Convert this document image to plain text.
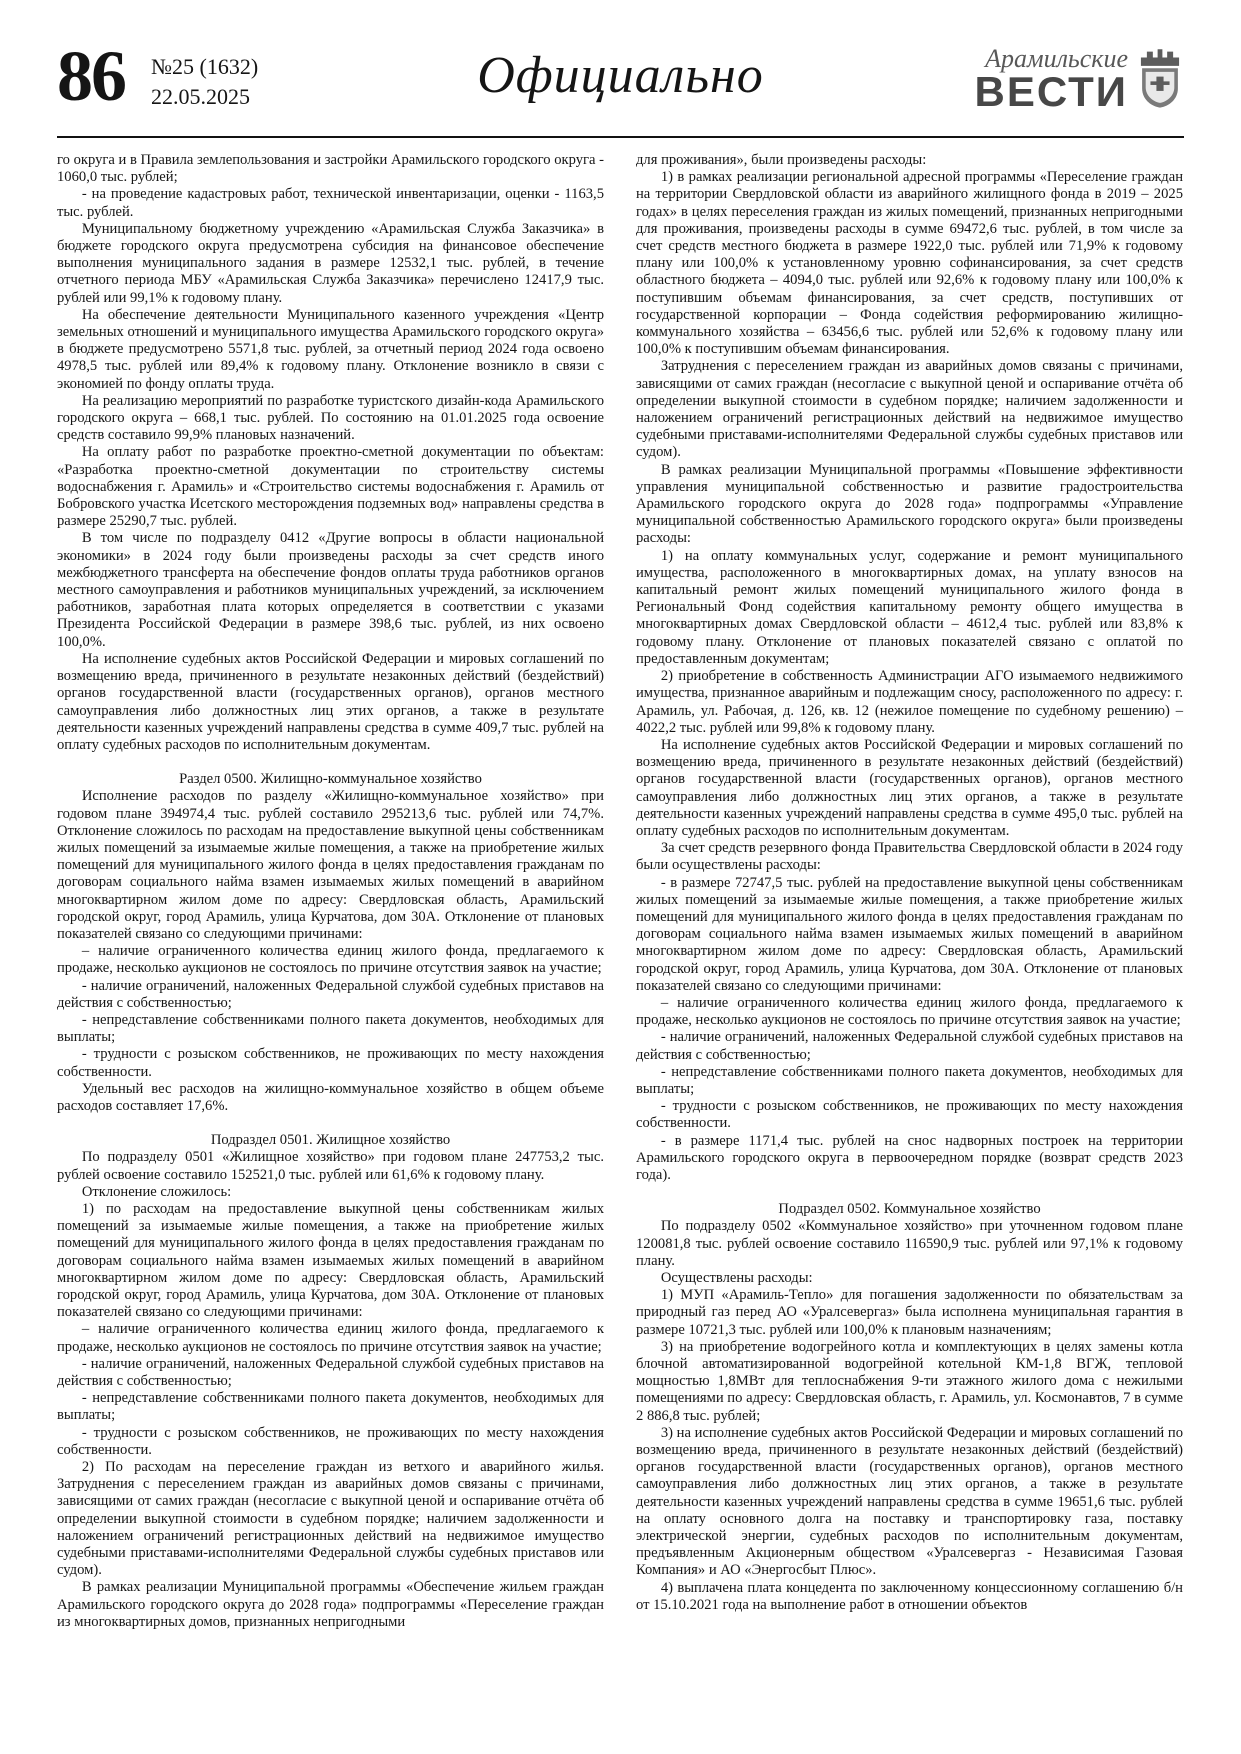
86 №25 (1632)
22.05.2025	Официально	Арамильские
ВЕСТИ

го округа и в Правила землепользования и застройки Арамильского городского округа - 1060,0 тыс. рублей;

- на проведение кадастровых работ, технической инвентаризации, оценки - 1163,5 тыс. рублей.

Муниципальному бюджетному учреждению «Арамильская Служба Заказчика» в бюджете городского округа предусмотрена субсидия на финансовое обеспечение выполнения муниципального задания в размере 12532,1 тыс. рублей, в течение отчетного периода МБУ «Арамильская Служба Заказчика» перечислено 12417,9 тыс. рублей или 99,1% к годовому плану.

На обеспечение деятельности Муниципального казенного учреждения «Центр земельных отношений и муниципального имущества Арамильского городского округа» в бюджете предусмотрено 5571,8 тыс. рублей, за отчетный период 2024 года освоено 4978,5 тыс. рублей или 89,4% к годовому плану. Отклонение возникло в связи с экономией по фонду оплаты труда.

На реализацию мероприятий по разработке туристского дизайн-кода Арамильского городского округа – 668,1 тыс. рублей. По состоянию на 01.01.2025 года освоение средств составило 99,9% плановых назначений.

На оплату работ по разработке проектно-сметной документации по объектам: «Разработка проектно-сметной документации по строительству системы водоснабжения г. Арамиль» и «Строительство системы водоснабжения г. Арамиль от Бобровского участка Исетского месторождения подземных вод» направлены средства в размере 25290,7 тыс. рублей.

В том числе по подразделу 0412 «Другие вопросы в области национальной экономики» в 2024 году были произведены расходы за счет средств иного межбюджетного трансферта на обеспечение фондов оплаты труда работников органов местного самоуправления и работников муниципальных учреждений, за исключением работников, заработная плата которых определяется в соответствии с указами Президента Российской Федерации в размере 398,6 тыс. рублей, из них освоено 100,0%.

На исполнение судебных актов Российской Федерации и мировых соглашений по возмещению вреда, причиненного в результате незаконных действий (бездействий) органов государственной власти (государственных органов), органов местного самоуправления либо должностных лиц этих органов, а также в результате деятельности казенных учреждений направлены средства в сумме 409,7 тыс. рублей на оплату судебных расходов по исполнительным документам.

Раздел 0500. Жилищно-коммунальное хозяйство

Исполнение расходов по разделу «Жилищно-коммунальное хозяйство» при годовом плане 394974,4 тыс. рублей составило 295213,6 тыс. рублей или 74,7%. Отклонение сложилось по расходам на предоставление выкупной цены собственникам жилых помещений за изымаемые жилые помещения, а также на приобретение жилых помещений для муниципального жилого фонда в целях предоставления гражданам по договорам социального найма взамен изымаемых жилых помещений в аварийном многоквартирном жилом доме по адресу: Свердловская область, Арамильский городской округ, город Арамиль, улица Курчатова, дом 30А. Отклонение от плановых показателей связано со следующими причинами:

– наличие ограниченного количества единиц жилого фонда, предлагаемого к продаже, несколько аукционов не состоялось по причине отсутствия заявок на участие;

- наличие ограничений, наложенных Федеральной службой судебных приставов на действия с собственностью;

- непредставление собственниками полного пакета документов, необходимых для выплаты;

- трудности с розыском собственников, не проживающих по месту нахождения собственности.

Удельный вес расходов на жилищно-коммунальное хозяйство в общем объеме расходов составляет 17,6%.

Подраздел 0501. Жилищное хозяйство

По подразделу 0501 «Жилищное хозяйство» при годовом плане 247753,2 тыс. рублей освоение составило 152521,0 тыс. рублей или 61,6% к годовому плану.

Отклонение сложилось:

1) по расходам на предоставление выкупной цены собственникам жилых помещений за изымаемые жилые помещения, а также на приобретение жилых помещений для муниципального жилого фонда в целях предоставления гражданам по договорам социального найма взамен изымаемых жилых помещений в аварийном многоквартирном жилом доме по адресу: Свердловская область, Арамильский городской округ, город Арамиль, улица Курчатова, дом 30А. Отклонение от плановых показателей связано со следующими причинами:

– наличие ограниченного количества единиц жилого фонда, предлагаемого к продаже, несколько аукционов не состоялось по причине отсутствия заявок на участие;

- наличие ограничений, наложенных Федеральной службой судебных приставов на действия с собственностью;

- непредставление собственниками полного пакета документов, необходимых для выплаты;

- трудности с розыском собственников, не проживающих по месту нахождения собственности.

2) По расходам на переселение граждан из ветхого и аварийного жилья. Затруднения с переселением граждан из аварийных домов связаны с причинами, зависящими от самих граждан (несогласие с выкупной ценой и оспаривание отчёта об определении выкупной стоимости в судебном порядке; наличием задолженности и наложением ограничений регистрационных действий на недвижимое имущество судебными приставами-исполнителями Федеральной службы судебных приставов или судом).

В рамках реализации Муниципальной программы «Обеспечение жильем граждан Арамильского городского округа до 2028 года» подпрограммы «Переселение граждан из многоквартирных домов, признанных непригодными

для проживания», были произведены расходы:

1) в рамках реализации региональной адресной программы «Переселение граждан на территории Свердловской области из аварийного жилищного фонда в 2019 – 2025 годах» в целях переселения граждан из жилых помещений, признанных непригодными для проживания, произведены расходы в сумме 69472,6 тыс. рублей, в том числе за счет средств местного бюджета в размере 1922,0 тыс. рублей или 71,9% к годовому плану или 100,0% к установленному уровню софинансирования, за счет средств областного бюджета – 4094,0 тыс. рублей или 92,6% к годовому плану или 100,0% к поступившим объемам финансирования, за счет средств, поступивших от государственной корпорации – Фонда содействия реформированию жилищно-коммунального хозяйства – 63456,6 тыс. рублей или 52,6% к годовому плану или 100,0% к поступившим объемам финансирования.

Затруднения с переселением граждан из аварийных домов связаны с причинами, зависящими от самих граждан (несогласие с выкупной ценой и оспаривание отчёта об определении выкупной стоимости в судебном порядке; наличием задолженности и наложением ограничений регистрационных действий на недвижимое имущество судебными приставами-исполнителями Федеральной службы судебных приставов или судом).

В рамках реализации Муниципальной программы «Повышение эффективности управления муниципальной собственностью и развитие градостроительства Арамильского городского округа до 2028 года» подпрограммы «Управление муниципальной собственностью Арамильского городского округа» были произведены расходы:

1) на оплату коммунальных услуг, содержание и ремонт муниципального имущества, расположенного в многоквартирных домах, на уплату взносов на капитальный ремонт жилых помещений муниципального жилого фонда в Региональный Фонд содействия капитальному ремонту общего имущества в многоквартирных домах Свердловской области – 4612,4 тыс. рублей или 83,8% к годовому плану. Отклонение от плановых показателей связано с оплатой по предоставленным документам;

2) приобретение в собственность Администрации АГО изымаемого недвижимого имущества, признанное аварийным и подлежащим сносу, расположенного по адресу: г. Арамиль, ул. Рабочая, д. 126, кв. 12 (нежилое помещение по судебному решению) – 4022,2 тыс. рублей или 99,8% к годовому плану.

На исполнение судебных актов Российской Федерации и мировых соглашений по возмещению вреда, причиненного в результате незаконных действий (бездействий) органов государственной власти (государственных органов), органов местного самоуправления либо должностных лиц этих органов, а также в результате деятельности казенных учреждений направлены средства в сумме 495,0 тыс. рублей на оплату судебных расходов по исполнительным документам.

За счет средств резервного фонда Правительства Свердловской области в 2024 году были осуществлены расходы:

- в размере 72747,5 тыс. рублей на предоставление выкупной цены собственникам жилых помещений за изымаемые жилые помещения, а также приобретение жилых помещений для муниципального жилого фонда в целях предоставления гражданам по договорам социального найма взамен изымаемых жилых помещений в аварийном многоквартирном жилом доме по адресу: Свердловская область, Арамильский городской округ, город Арамиль, улица Курчатова, дом 30А. Отклонение от плановых показателей связано со следующими причинами:

– наличие ограниченного количества единиц жилого фонда, предлагаемого к продаже, несколько аукционов не состоялось по причине отсутствия заявок на участие;

- наличие ограничений, наложенных Федеральной службой судебных приставов на действия с собственностью;

- непредставление собственниками полного пакета документов, необходимых для выплаты;

- трудности с розыском собственников, не проживающих по месту нахождения собственности.

- в размере 1171,4 тыс. рублей на снос надворных построек на территории Арамильского городского округа в первоочередном порядке (возврат средств 2023 года).

Подраздел 0502. Коммунальное хозяйство

По подразделу 0502 «Коммунальное хозяйство» при уточненном годовом плане 120081,8 тыс. рублей освоение составило 116590,9 тыс. рублей или 97,1% к годовому плану.

Осуществлены расходы:

1) МУП «Арамиль-Тепло» для погашения задолженности по обязательствам за природный газ перед АО «Уралсевергаз» была исполнена муниципальная гарантия в размере 10721,3 тыс. рублей или 100,0% к плановым назначениям;

3) на приобретение водогрейного котла и комплектующих в целях замены котла блочной автоматизированной водогрейной котельной КМ-1,8 ВГЖ, тепловой мощностью 1,8МВт для теплоснабжения 9-ти этажного жилого дома с нежилыми помещениями по адресу: Свердловская область, г. Арамиль, ул. Космонавтов, 7 в сумме 2 886,8 тыс. рублей;

3) на исполнение судебных актов Российской Федерации и мировых соглашений по возмещению вреда, причиненного в результате незаконных действий (бездействий) органов государственной власти (государственных органов), органов местного самоуправления либо должностных лиц этих органов, а также в результате деятельности казенных учреждений направлены средства в сумме 19651,6 тыс. рублей на оплату основного долга на поставку и транспортировку газа, поставку электрической энергии, судебных расходов по исполнительным документам, предъявленным Акционерным обществом «Уралсевергаз - Независимая Газовая Компания» и АО «Энергосбыт Плюс».

4) выплачена плата концедента по заключенному концессионному соглашению б/н от 15.10.2021 года на выполнение работ в отношении объектов
